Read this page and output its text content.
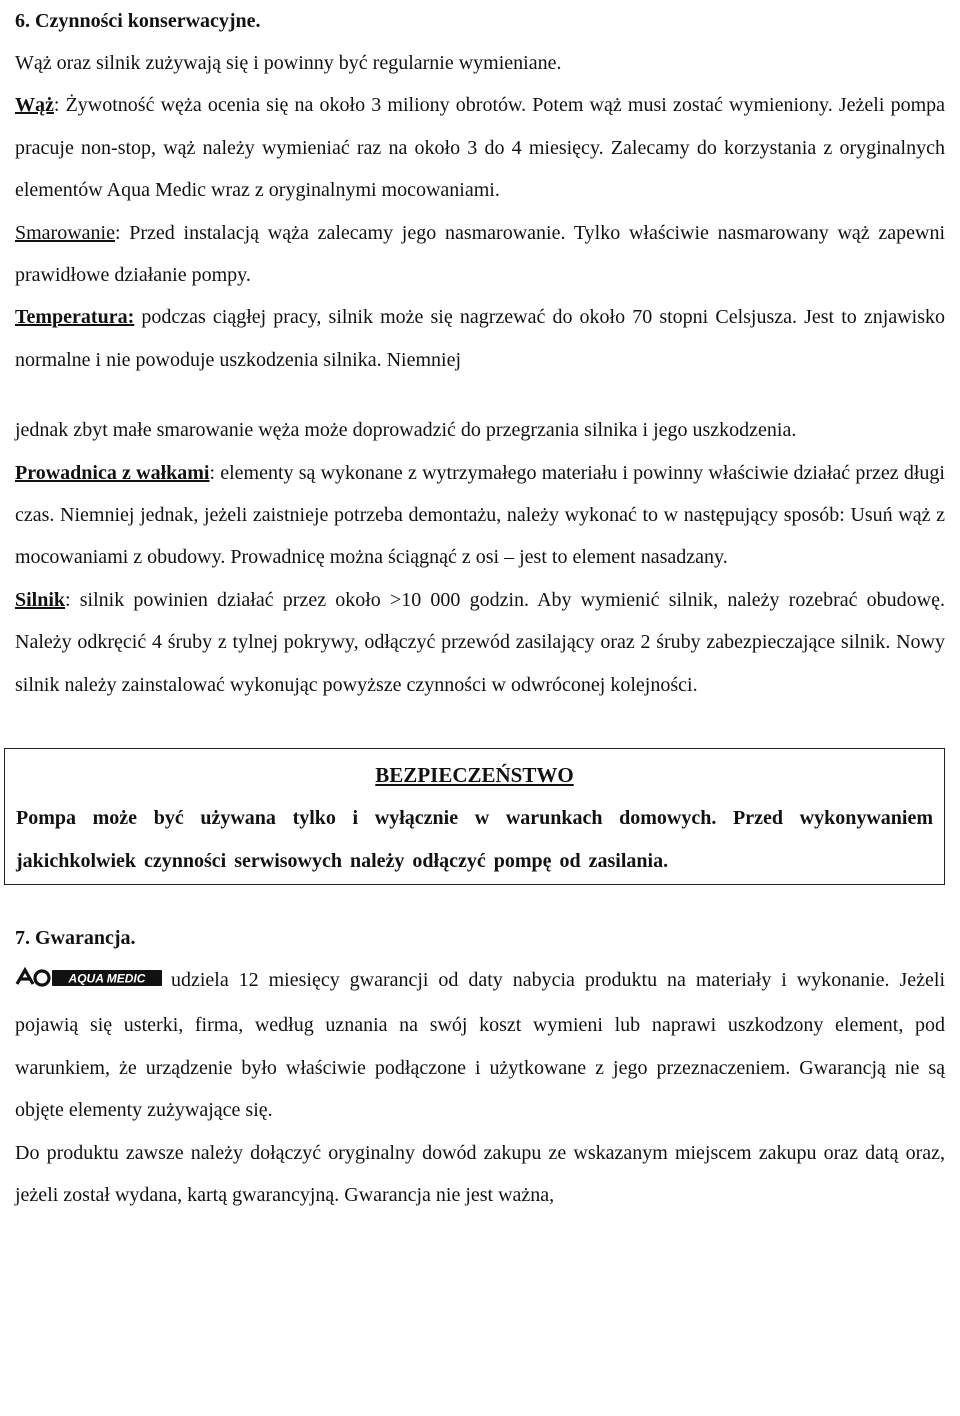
6. Czynności konserwacyjne.

Wąż oraz silnik zużywają się i powinny być regularnie wymieniane.

Wąż: Żywotność węża ocenia się na około 3 miliony obrotów. Potem wąż musi zostać wymieniony. Jeżeli pompa pracuje non-stop, wąż należy wymieniać raz na około 3 do 4 miesięcy. Zalecamy do korzystania z oryginalnych elementów Aqua Medic wraz z oryginalnymi mocowaniami.

Smarowanie: Przed instalacją wąża zalecamy jego nasmarowanie. Tylko właściwie nasmarowany wąż zapewni prawidłowe działanie pompy.

Temperatura: podczas ciągłej pracy, silnik może się nagrzewać do około 70 stopni Celsjusza. Jest to znjawisko normalne i nie powoduje uszkodzenia silnika. Niemniej

jednak zbyt małe smarowanie węża może doprowadzić do przegrzania silnika i jego uszkodzenia.

Prowadnica z wałkami: elementy są wykonane z wytrzymałego materiału i powinny właściwie działać przez długi czas. Niemniej jednak, jeżeli zaistnieje potrzeba demontażu, należy wykonać to w następujący sposób: Usuń wąż z mocowaniami z obudowy. Prowadnicę można ściągnąć z osi – jest to element nasadzany.

Silnik: silnik powinien działać przez około >10 000 godzin. Aby wymienić silnik, należy rozebrać obudowę. Należy odkręcić 4 śruby z tylnej pokrywy, odłączyć przewód zasilający oraz 2 śruby zabezpieczające silnik. Nowy silnik należy zainstalować wykonując powyższe czynności w odwróconej kolejności.

BEZPIECZEŃSTWO

Pompa może być używana tylko i wyłącznie w warunkach domowych. Przed wykonywaniem jakichkolwiek czynności serwisowych należy odłączyć pompę od zasilania.

7. Gwarancja.

AQUA MEDIC udziela 12 miesięcy gwarancji od daty nabycia produktu na materiały i wykonanie. Jeżeli pojawią się usterki, firma, według uznania na swój koszt wymieni lub naprawi uszkodzony element, pod warunkiem, że urządzenie było właściwie podłączone i użytkowane z jego przeznaczeniem. Gwarancją nie są objęte elementy zużywające się.

Do produktu zawsze należy dołączyć oryginalny dowód zakupu ze wskazanym miejscem zakupu oraz datą oraz, jeżeli został wydana, kartą gwarancyjną. Gwarancja nie jest ważna,
